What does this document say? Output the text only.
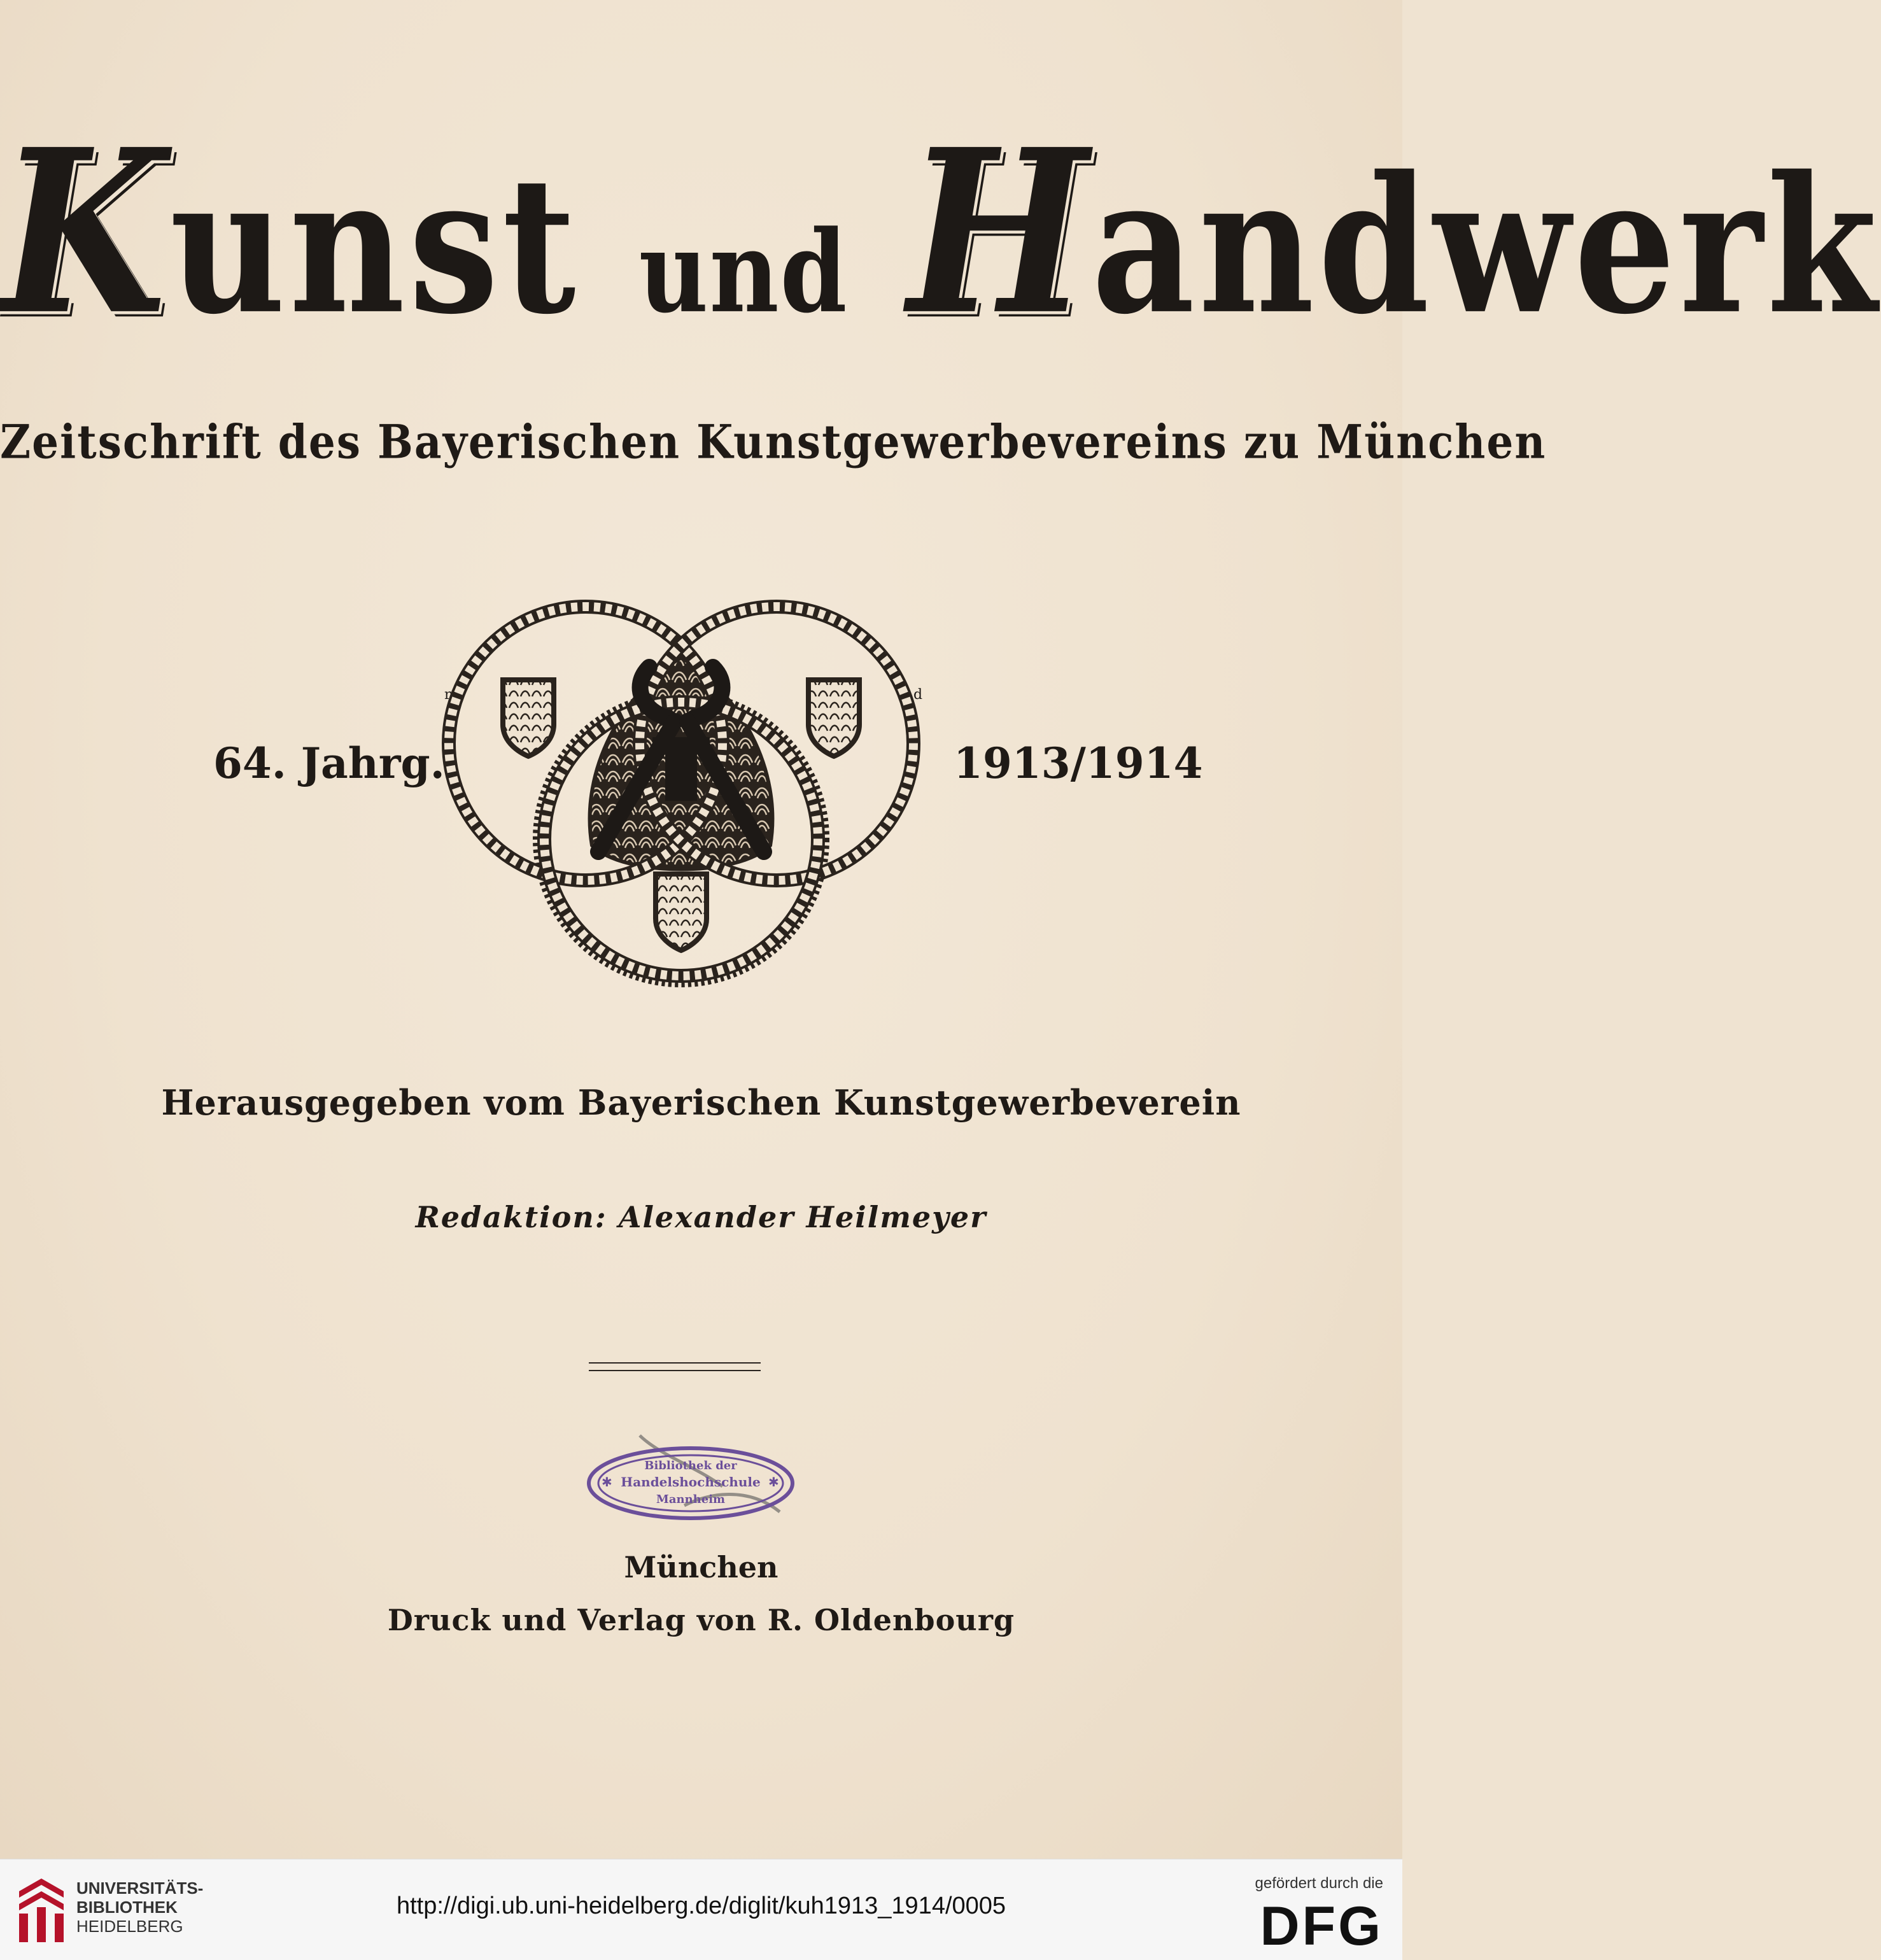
Kunst und Handwerk
Zeitschrift des Bayerischen Kunstgewerbevereins zu München
64. Jahrg.	1913/1914
r	d
Herausgegeben vom Bayerischen Kunstgewerbeverein
Redaktion: Alexander Heilmeyer
✱	✱
Bibliothek der
Handelshochschule
Mannheim
München
Druck und Verlag von R. Oldenbourg
UNIVERSITÄTS-
BIBLIOTHEK
HEIDELBERG
http://digi.ub.uni-heidelberg.de/diglit/kuh1913_1914/0005
gefördert durch die
DFG
